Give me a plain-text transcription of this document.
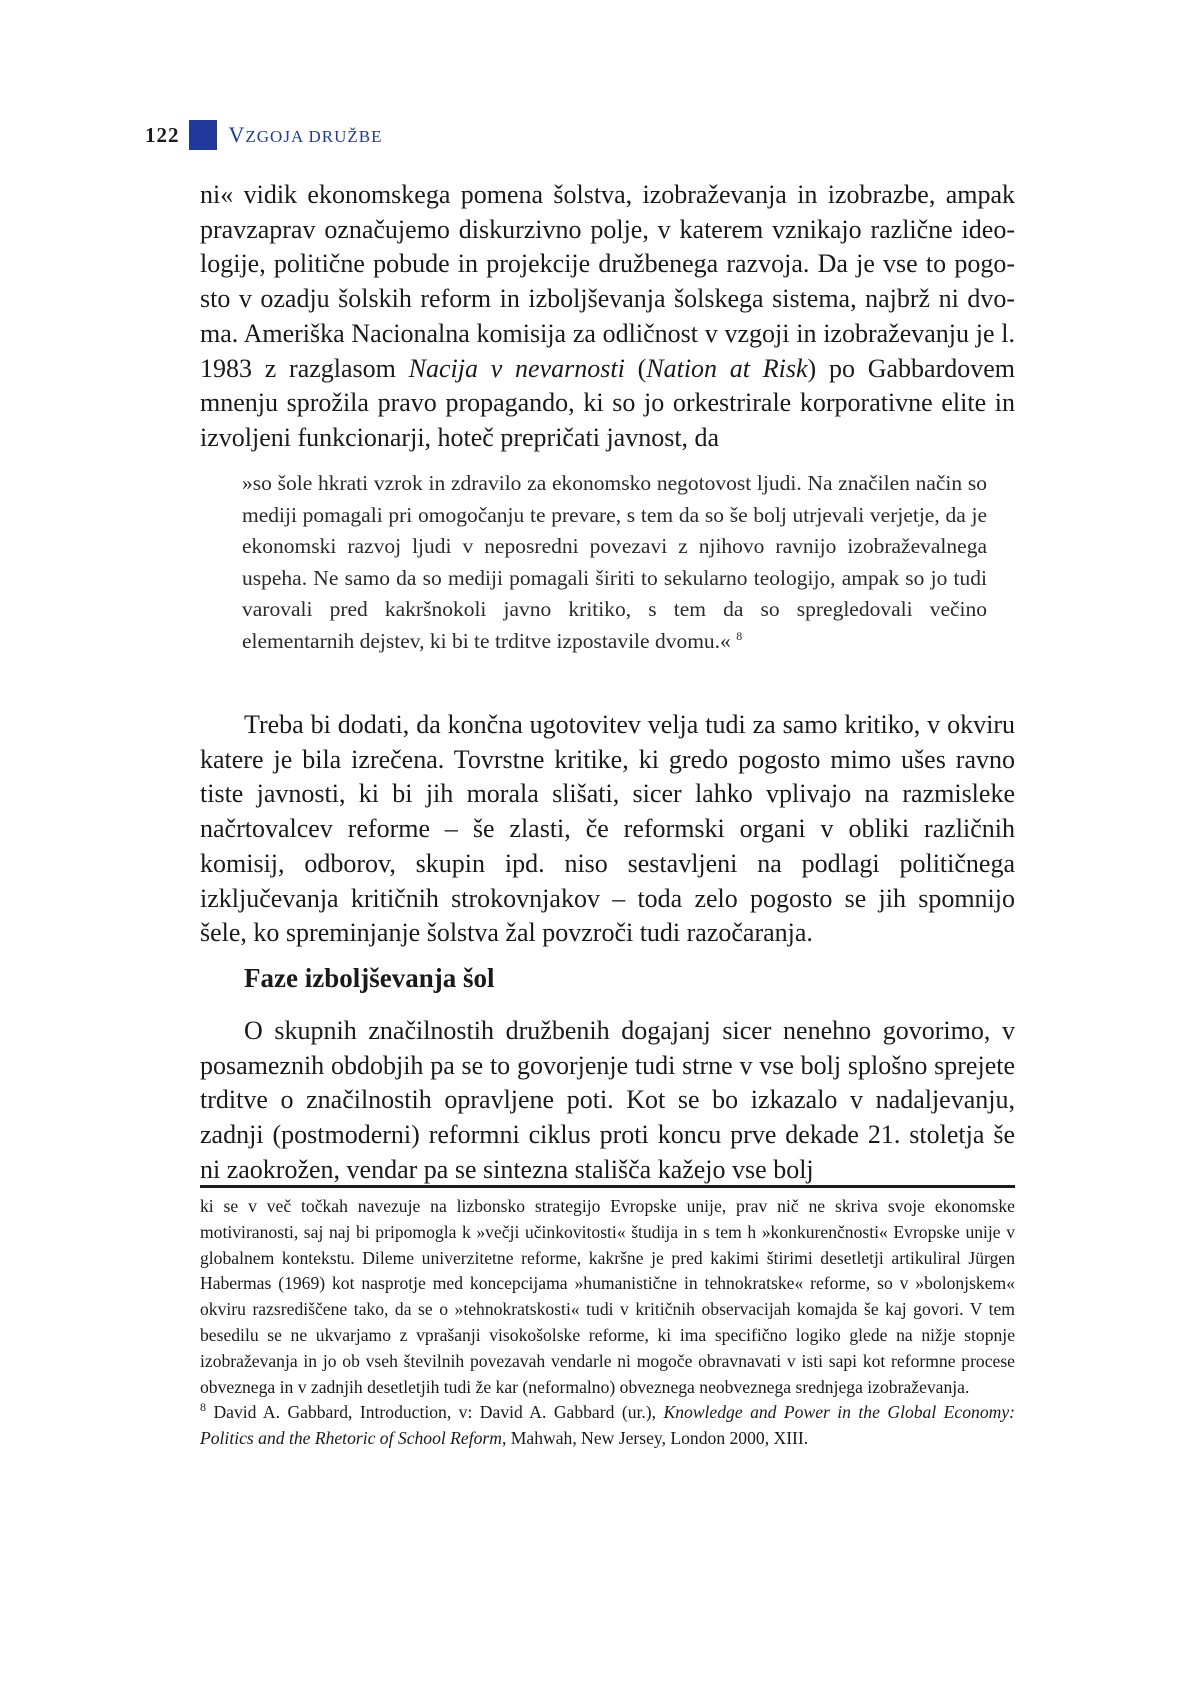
122 VZGOJA DRUŽBE

ni« vidik ekonomskega pomena šolstva, izobraževanja in izobrazbe, ampak pravzaprav označujemo diskurzivno polje, v katerem vznikajo različne ideologije, politične pobude in projekcije družbenega razvoja. Da je vse to pogosto v ozadju šolskih reform in izboljševanja šolskega sistema, najbrž ni dvoma. Ameriška Nacionalna komisija za odličnost v vzgoji in izobraževanju je l. 1983 z razglasom Nacija v nevarnosti (Nation at Risk) po Gabbardovem mnenju sprožila pravo propagando, ki so jo orkestrirale korporativne elite in izvoljeni funkcionarji, hoteč prepričati javnost, da

»so šole hkrati vzrok in zdravilo za ekonomsko negotovost ljudi. Na značilen način so mediji pomagali pri omogočanju te prevare, s tem da so še bolj utrjevali verjetje, da je ekonomski razvoj ljudi v neposredni povezavi z njihovo ravnijo izobraževalnega uspeha. Ne samo da so mediji pomagali širiti to sekularno teologijo, ampak so jo tudi varovali pred kakršnokoli javno kritiko, s tem da so spregledovali večino elementarnih dejstev, ki bi te trditve izpostavile dvomu.« $^8$

Treba bi dodati, da končna ugotovitev velja tudi za samo kritiko, v okviru katere je bila izrečena. Tovrstne kritike, ki gredo pogosto mimo ušes ravno tiste javnosti, ki bi jih morala slišati, sicer lahko vplivajo na razmisleke načrtovalcev reforme – še zlasti, če reformski organi v obliki različnih komisij, odborov, skupin ipd. niso sestavljeni na podlagi političnega izključevanja kritičnih strokovnjakov – toda zelo pogosto se jih spomnijo šele, ko spreminjanje šolstva žal povzroči tudi razočaranja.

Faze izboljševanja šol

O skupnih značilnostih družbenih dogajanj sicer nenehno govorimo, v posameznih obdobjih pa se to govorjenje tudi strne v vse bolj splošno sprejete trditve o značilnostih opravljene poti. Kot se bo izkazalo v nadaljevanju, zadnji (postmoderni) reformni ciklus proti koncu prve dekade 21. stoletja še ni zaokrožen, vendar pa se sintezna stališča kažejo vse bolj

ki se v več točkah navezuje na lizbonsko strategijo Evropske unije, prav nič ne skriva svoje ekonomske motiviranosti, saj naj bi pripomogla k »večji učinkovitosti« študija in s tem h »konkurenčnosti« Evropske unije v globalnem kontekstu. Dileme univerzitetne reforme, kakršne je pred kakimi štirimi desetletji artikuliral Jürgen Habermas (1969) kot nasprotje med koncepcijama »humanistične in tehnokratske« reforme, so v »bolonjskem« okviru razsrediščene tako, da se o »tehnokratskosti« tudi v kritičnih observacijah komajda še kaj govori. V tem besedilu se ne ukvarjamo z vprašanji visokošolske reforme, ki ima specifično logiko glede na nižje stopnje izobraževanja in jo ob vseh številnih povezavah vendarle ni mogoče obravnavati v isti sapi kot reformne procese obveznega in v zadnjih desetletjih tudi že kar (neformalno) obveznega neobveznega srednjega izobraževanja.

$^8$ David A. Gabbard, Introduction, v: David A. Gabbard (ur.), Knowledge and Power in the Global Economy: Politics and the Rhetoric of School Reform, Mahwah, New Jersey, London 2000, XIII.
